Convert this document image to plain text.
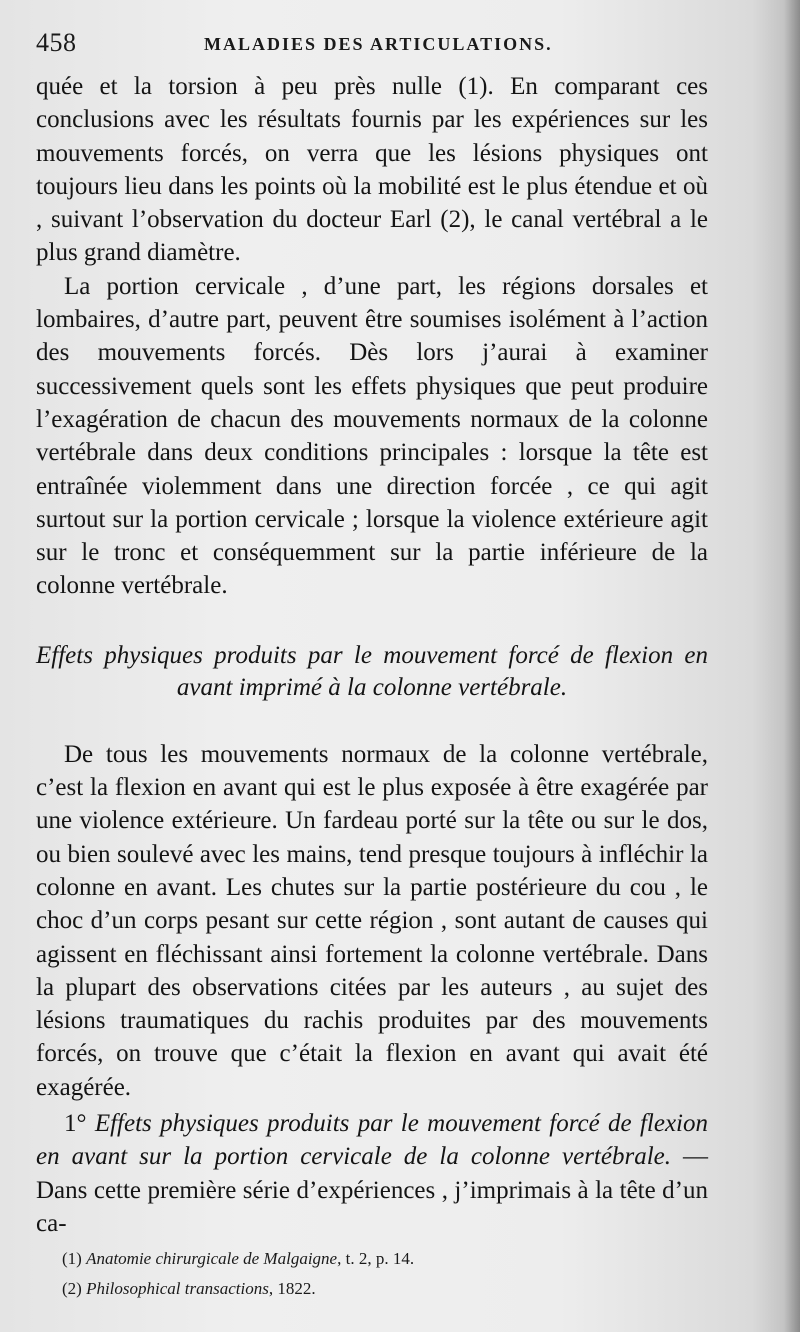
458	MALADIES DES ARTICULATIONS.

quée et la torsion à peu près nulle (1). En comparant ces conclusions avec les résultats fournis par les expériences sur les mouvements forcés, on verra que les lésions physiques ont toujours lieu dans les points où la mobilité est le plus étendue et où , suivant l’observation du docteur Earl (2), le canal vertébral a le plus grand diamètre.

La portion cervicale , d’une part, les régions dorsales et lombaires, d’autre part, peuvent être soumises isolément à l’action des mouvements forcés. Dès lors j’aurai à examiner successivement quels sont les effets physiques que peut produire l’exagération de chacun des mouvements normaux de la colonne vertébrale dans deux conditions principales : lorsque la tête est entraînée violemment dans une direction forcée , ce qui agit surtout sur la portion cervicale ; lorsque la violence extérieure agit sur le tronc et conséquemment sur la partie inférieure de la colonne vertébrale.

Effets physiques produits par le mouvement forcé de flexion en avant imprimé à la colonne vertébrale.

De tous les mouvements normaux de la colonne vertébrale, c’est la flexion en avant qui est le plus exposée à être exagérée par une violence extérieure. Un fardeau porté sur la tête ou sur le dos, ou bien soulevé avec les mains, tend presque toujours à infléchir la colonne en avant. Les chutes sur la partie postérieure du cou , le choc d’un corps pesant sur cette région , sont autant de causes qui agissent en fléchissant ainsi fortement la colonne vertébrale. Dans la plupart des observations citées par les auteurs , au sujet des lésions traumatiques du rachis produites par des mouvements forcés, on trouve que c’était la flexion en avant qui avait été exagérée.

1° Effets physiques produits par le mouvement forcé de flexion en avant sur la portion cervicale de la colonne vertébrale. — Dans cette première série d’expériences , j’imprimais à la tête d’un ca-

(1) Anatomie chirurgicale de Malgaigne, t. 2, p. 14.

(2) Philosophical transactions, 1822.
